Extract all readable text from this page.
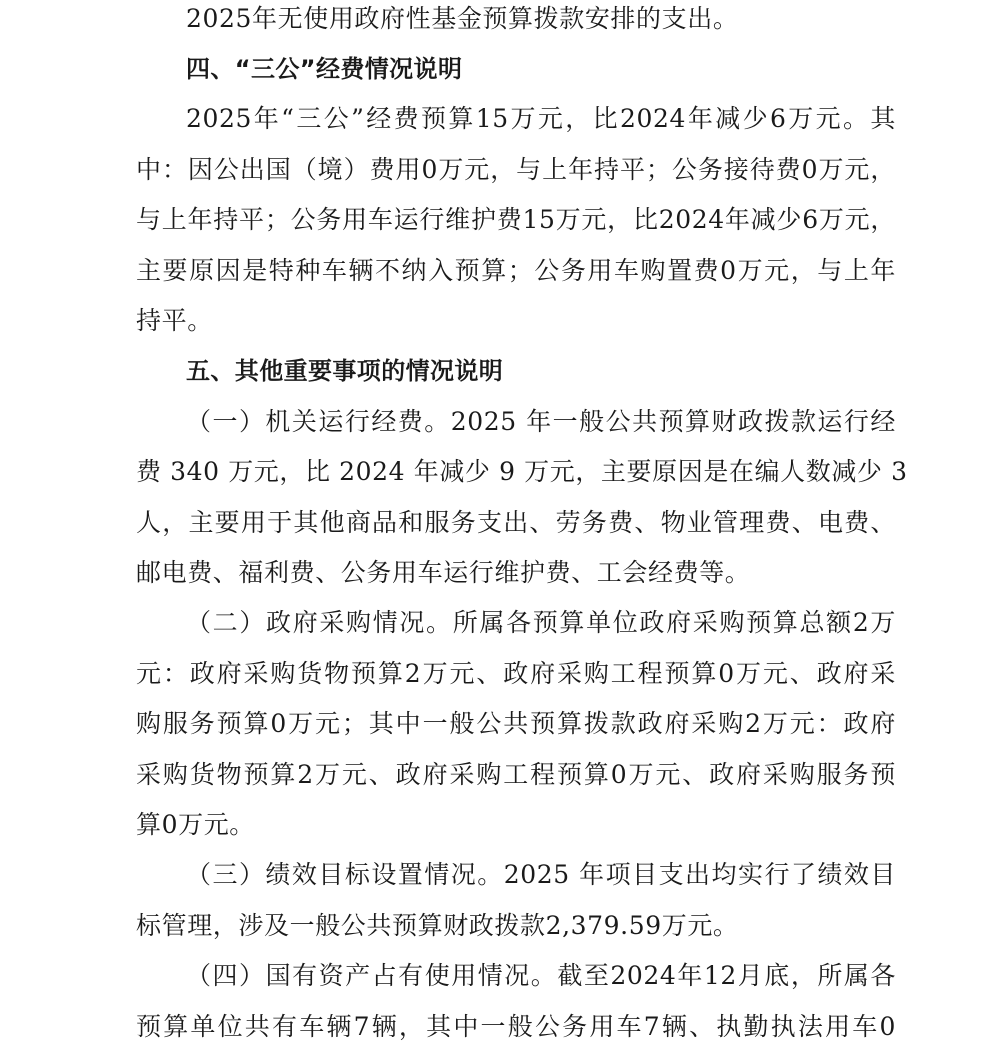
2025年无使用政府性基金预算拨款安排的支出。
四、“三公”经费情况说明
2025年“三公”经费预算15万元，比2024年减少6万元。其
中：因公出国（境）费用0万元，与上年持平；公务接待费0万元，
与上年持平；公务用车运行维护费15万元，比2024年减少6万元，
主要原因是特种车辆不纳入预算；公务用车购置费0万元，与上年
持平。
五、其他重要事项的情况说明
（一）机关运行经费。2025 年一般公共预算财政拨款运行经
费 340 万元，比 2024 年减少 9 万元，主要原因是在编人数减少 3
人，主要用于其他商品和服务支出、劳务费、物业管理费、电费、
邮电费、福利费、公务用车运行维护费、工会经费等。
（二）政府采购情况。所属各预算单位政府采购预算总额2万
元：政府采购货物预算2万元、政府采购工程预算0万元、政府采
购服务预算0万元；其中一般公共预算拨款政府采购2万元：政府
采购货物预算2万元、政府采购工程预算0万元、政府采购服务预
算0万元。
（三）绩效目标设置情况。2025 年项目支出均实行了绩效目
标管理，涉及一般公共预算财政拨款2,379.59万元。
（四）国有资产占有使用情况。截至2024年12月底，所属各
预算单位共有车辆7辆，其中一般公务用车7辆、执勤执法用车0
